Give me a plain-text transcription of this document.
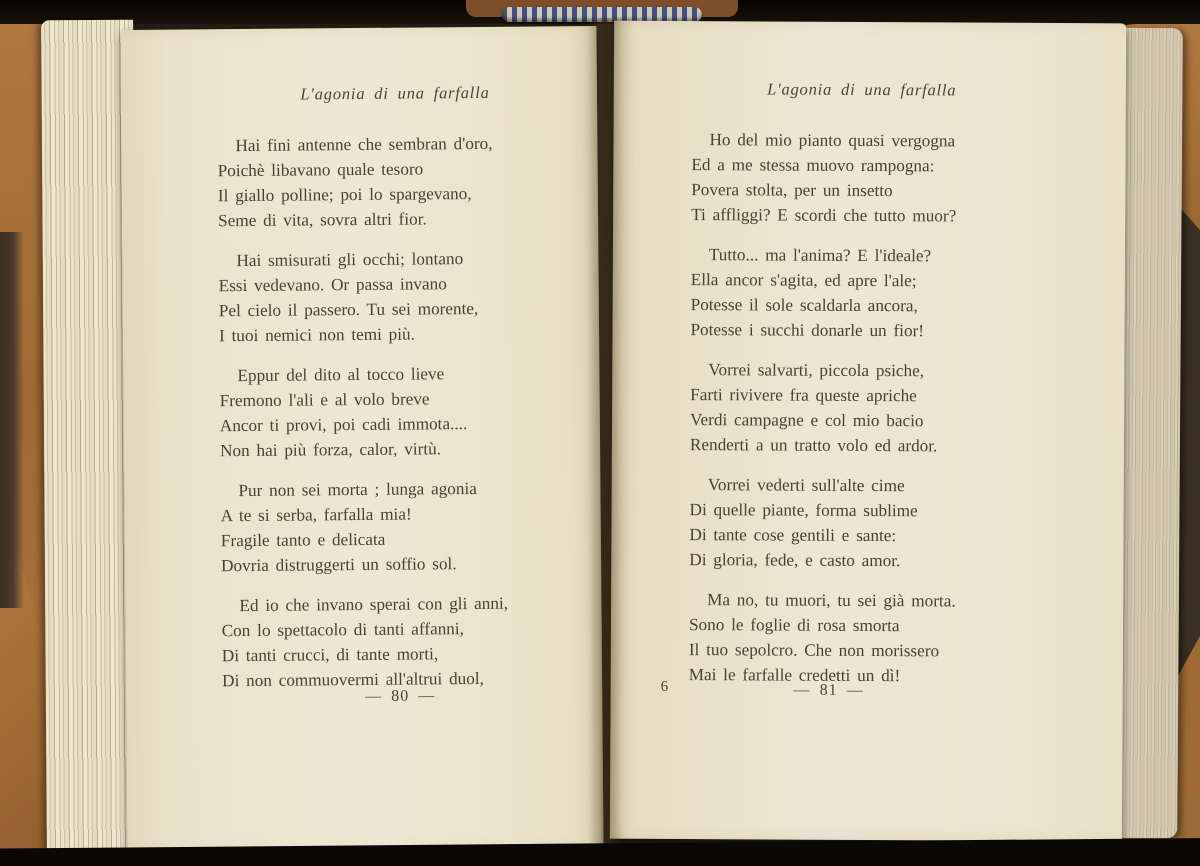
L'agonia di una farfalla

Hai fini antenne che sembran d'oro,
Poichè libavano quale tesoro
Il giallo polline; poi lo spargevano,
Seme di vita, sovra altri fior.
Hai smisurati gli occhi; lontano
Essi vedevano. Or passa invano
Pel cielo il passero. Tu sei morente,
I tuoi nemici non temi più.
Eppur del dito al tocco lieve
Fremono l'ali e al volo breve
Ancor ti provi, poi cadi immota....
Non hai più forza, calor, virtù.
Pur non sei morta ; lunga agonia
A te si serba, farfalla mia!
Fragile tanto e delicata
Dovria distruggerti un soffio sol.
Ed io che invano sperai con gli anni,
Con lo spettacolo di tanti affanni,
Di tanti crucci, di tante morti,
Di non commuovermi all'altrui duol,
— 80 —

L'agonia di una farfalla

Ho del mio pianto quasi vergogna
Ed a me stessa muovo rampogna:
Povera stolta, per un insetto
Ti affliggi? E scordi che tutto muor?
Tutto... ma l'anima? E l'ideale?
Ella ancor s'agita, ed apre l'ale;
Potesse il sole scaldarla ancora,
Potesse i succhi donarle un fior!
Vorrei salvarti, piccola psiche,
Farti rivivere fra queste apriche
Verdi campagne e col mio bacio
Renderti a un tratto volo ed ardor.
Vorrei vederti sull'alte cime
Di quelle piante, forma sublime
Di tante cose gentili e sante:
Di gloria, fede, e casto amor.
Ma no, tu muori, tu sei già morta.
Sono le foglie di rosa smorta
Il tuo sepolcro. Che non morissero
Mai le farfalle credetti un dì!
6	— 81 —
